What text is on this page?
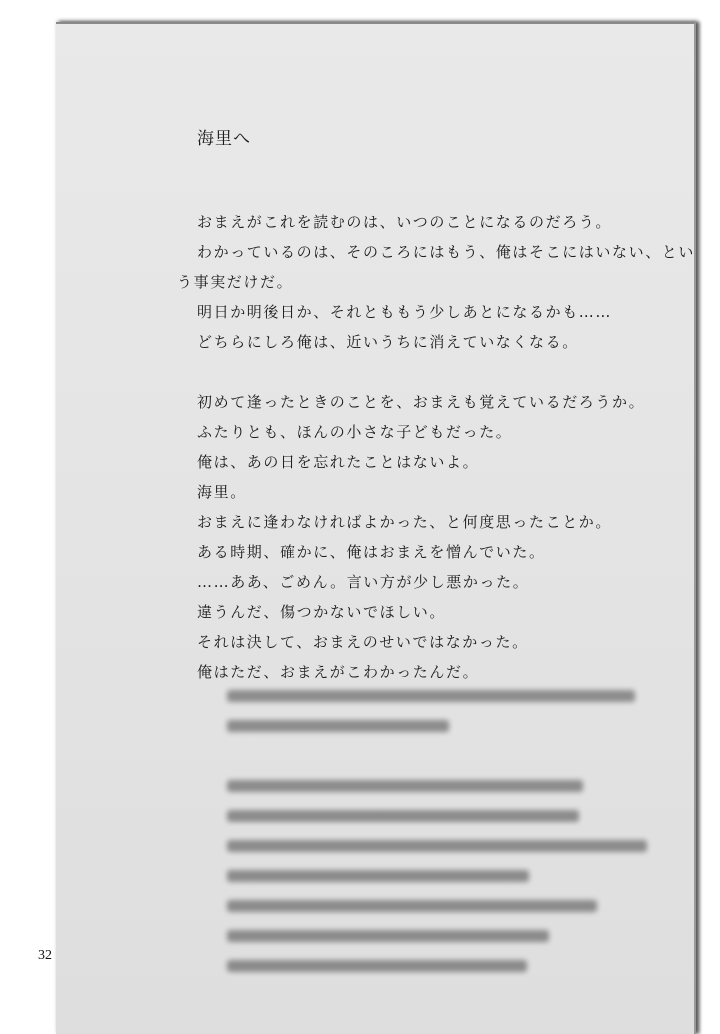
海里へ
おまえがこれを読むのは、いつのことになるのだろう。
わかっているのは、そのころにはもう、俺はそこにはいない、とい
う事実だけだ。
明日か明後日か、それとももう少しあとになるかも……
どちらにしろ俺は、近いうちに消えていなくなる。
初めて逢ったときのことを、おまえも覚えているだろうか。
ふたりとも、ほんの小さな子どもだった。
俺は、あの日を忘れたことはないよ。
海里。
おまえに逢わなければよかった、と何度思ったことか。
ある時期、確かに、俺はおまえを憎んでいた。
……ああ、ごめん。言い方が少し悪かった。
違うんだ、傷つかないでほしい。
それは決して、おまえのせいではなかった。
俺はただ、おまえがこわかったんだ。
32
